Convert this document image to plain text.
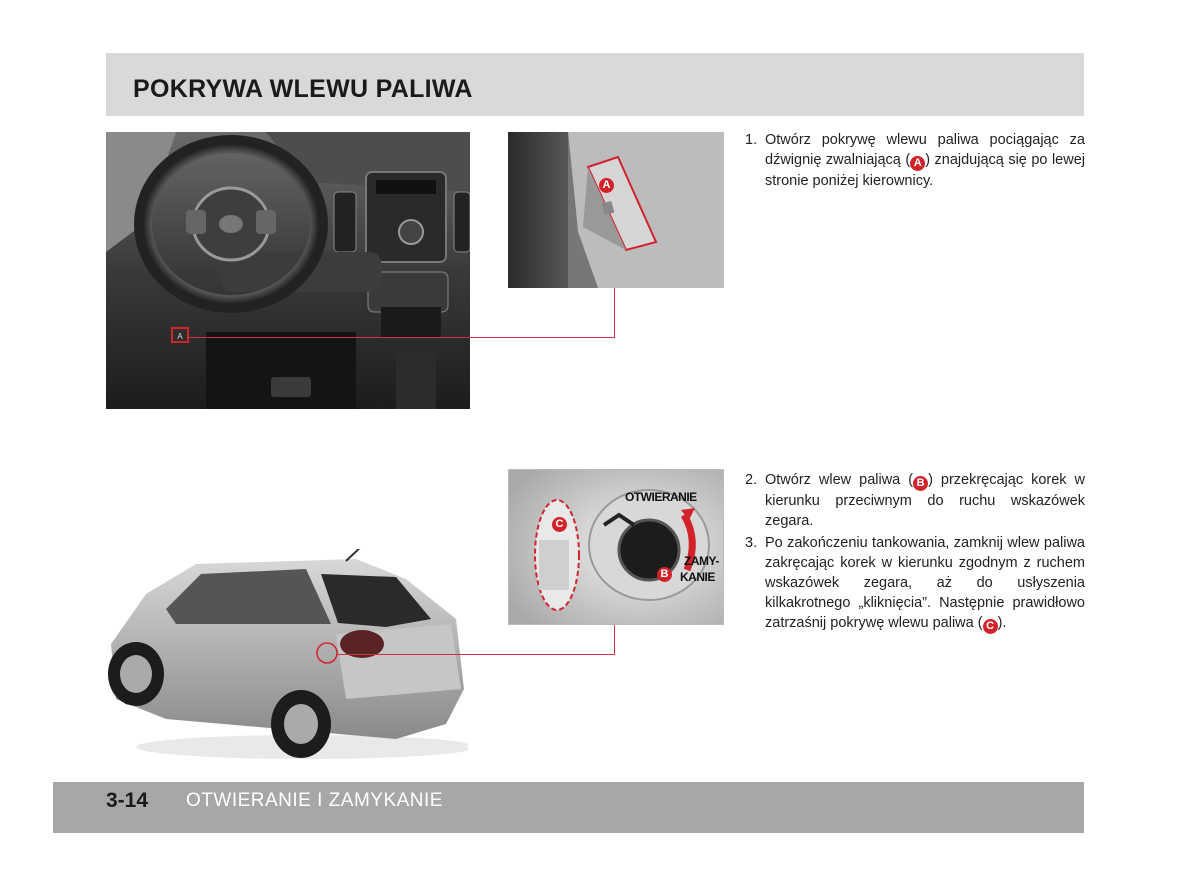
POKRYWA WLEWU PALIWA
A
A
C
B
OTWIERANIE
ZAMY-
KANIE
1. Otwórz pokrywę wlewu paliwa pociągając za dźwignię zwalniającą ( A ) znajdującą się po lewej stronie poniżej kierownicy.
2. Otwórz wlew paliwa ( B ) przekręcając korek w kierunku przeciwnym do ruchu wskazówek zegara.
3. Po zakończeniu tankowania, zamknij wlew paliwa zakręcając korek w kierunku zgodnym z ruchem wskazówek zegara, aż do usłyszenia kilkakrotnego „kliknięcia”. Następnie prawidłowo zatrzaśnij pokrywę wlewu paliwa ( C ).
3-14 OTWIERANIE I ZAMYKANIE
